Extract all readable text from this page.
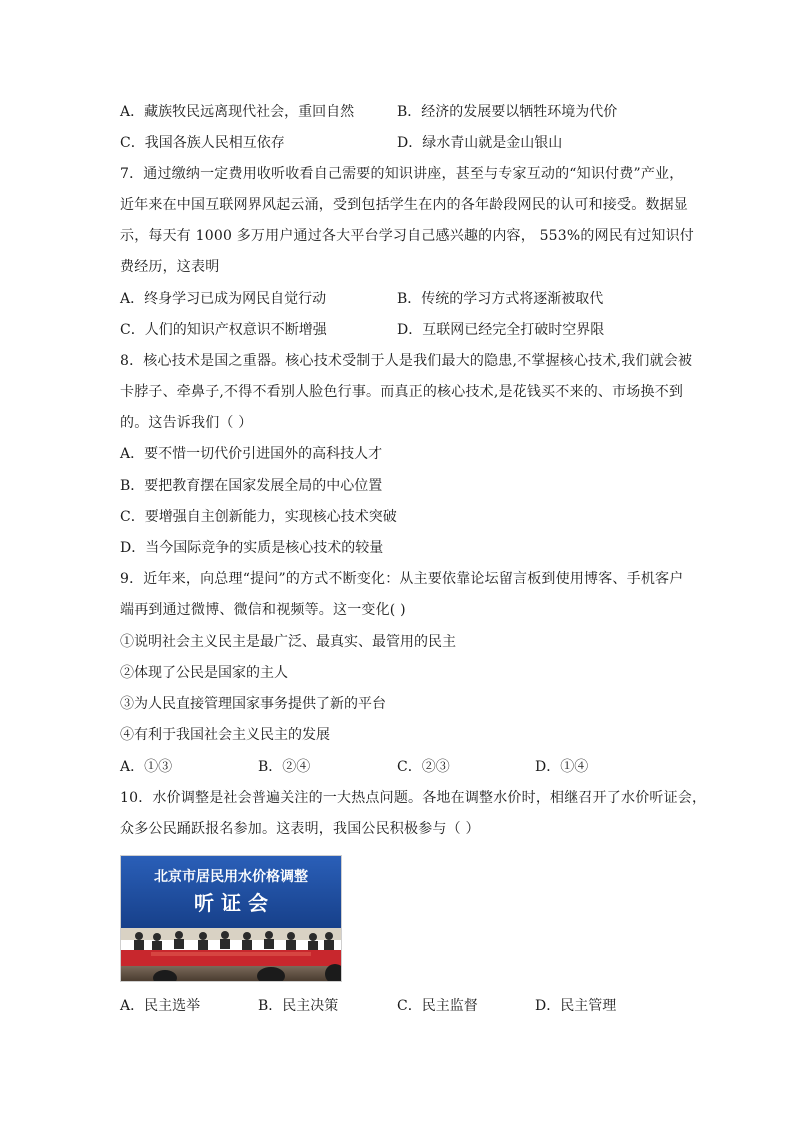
A．藏族牧民远离现代社会，重回自然	B．经济的发展要以牺牲环境为代价
C．我国各族人民相互依存	D．绿水青山就是金山银山
7．通过缴纳一定费用收听收看自己需要的知识讲座，甚至与专家互动的“知识付费”产业，
近年来在中国互联网界风起云涌，受到包括学生在内的各年龄段网民的认可和接受。数据显
示，每天有 1000 多万用户通过各大平台学习自己感兴趣的内容， 553%的网民有过知识付
费经历，这表明
A．终身学习已成为网民自觉行动	B．传统的学习方式将逐渐被取代
C．人们的知识产权意识不断增强	D．互联网已经完全打破时空界限
8．核心技术是国之重器。核心技术受制于人是我们最大的隐患,不掌握核心技术,我们就会被
卡脖子、牵鼻子,不得不看别人脸色行事。而真正的核心技术,是花钱买不来的、市场换不到
的。这告诉我们（ ）
A．要不惜一切代价引进国外的高科技人才
B．要把教育摆在国家发展全局的中心位置
C．要增强自主创新能力，实现核心技术突破
D．当今国际竞争的实质是核心技术的较量
9．近年来，向总理“提问”的方式不断变化：从主要依靠论坛留言板到使用博客、手机客户
端再到通过微博、微信和视频等。这一变化( )
①说明社会主义民主是最广泛、最真实、最管用的民主
②体现了公民是国家的主人
③为人民直接管理国家事务提供了新的平台
④有利于我国社会主义民主的发展
A．①③	B．②④	C．②③	D．①④
10．水价调整是社会普遍关注的一大热点问题。各地在调整水价时，相继召开了水价听证会，
众多公民踊跃报名参加。这表明，我国公民积极参与（ ）
北京市居民用水价格调整
听 证 会
A．民主选举	B．民主决策	C．民主监督	D．民主管理
